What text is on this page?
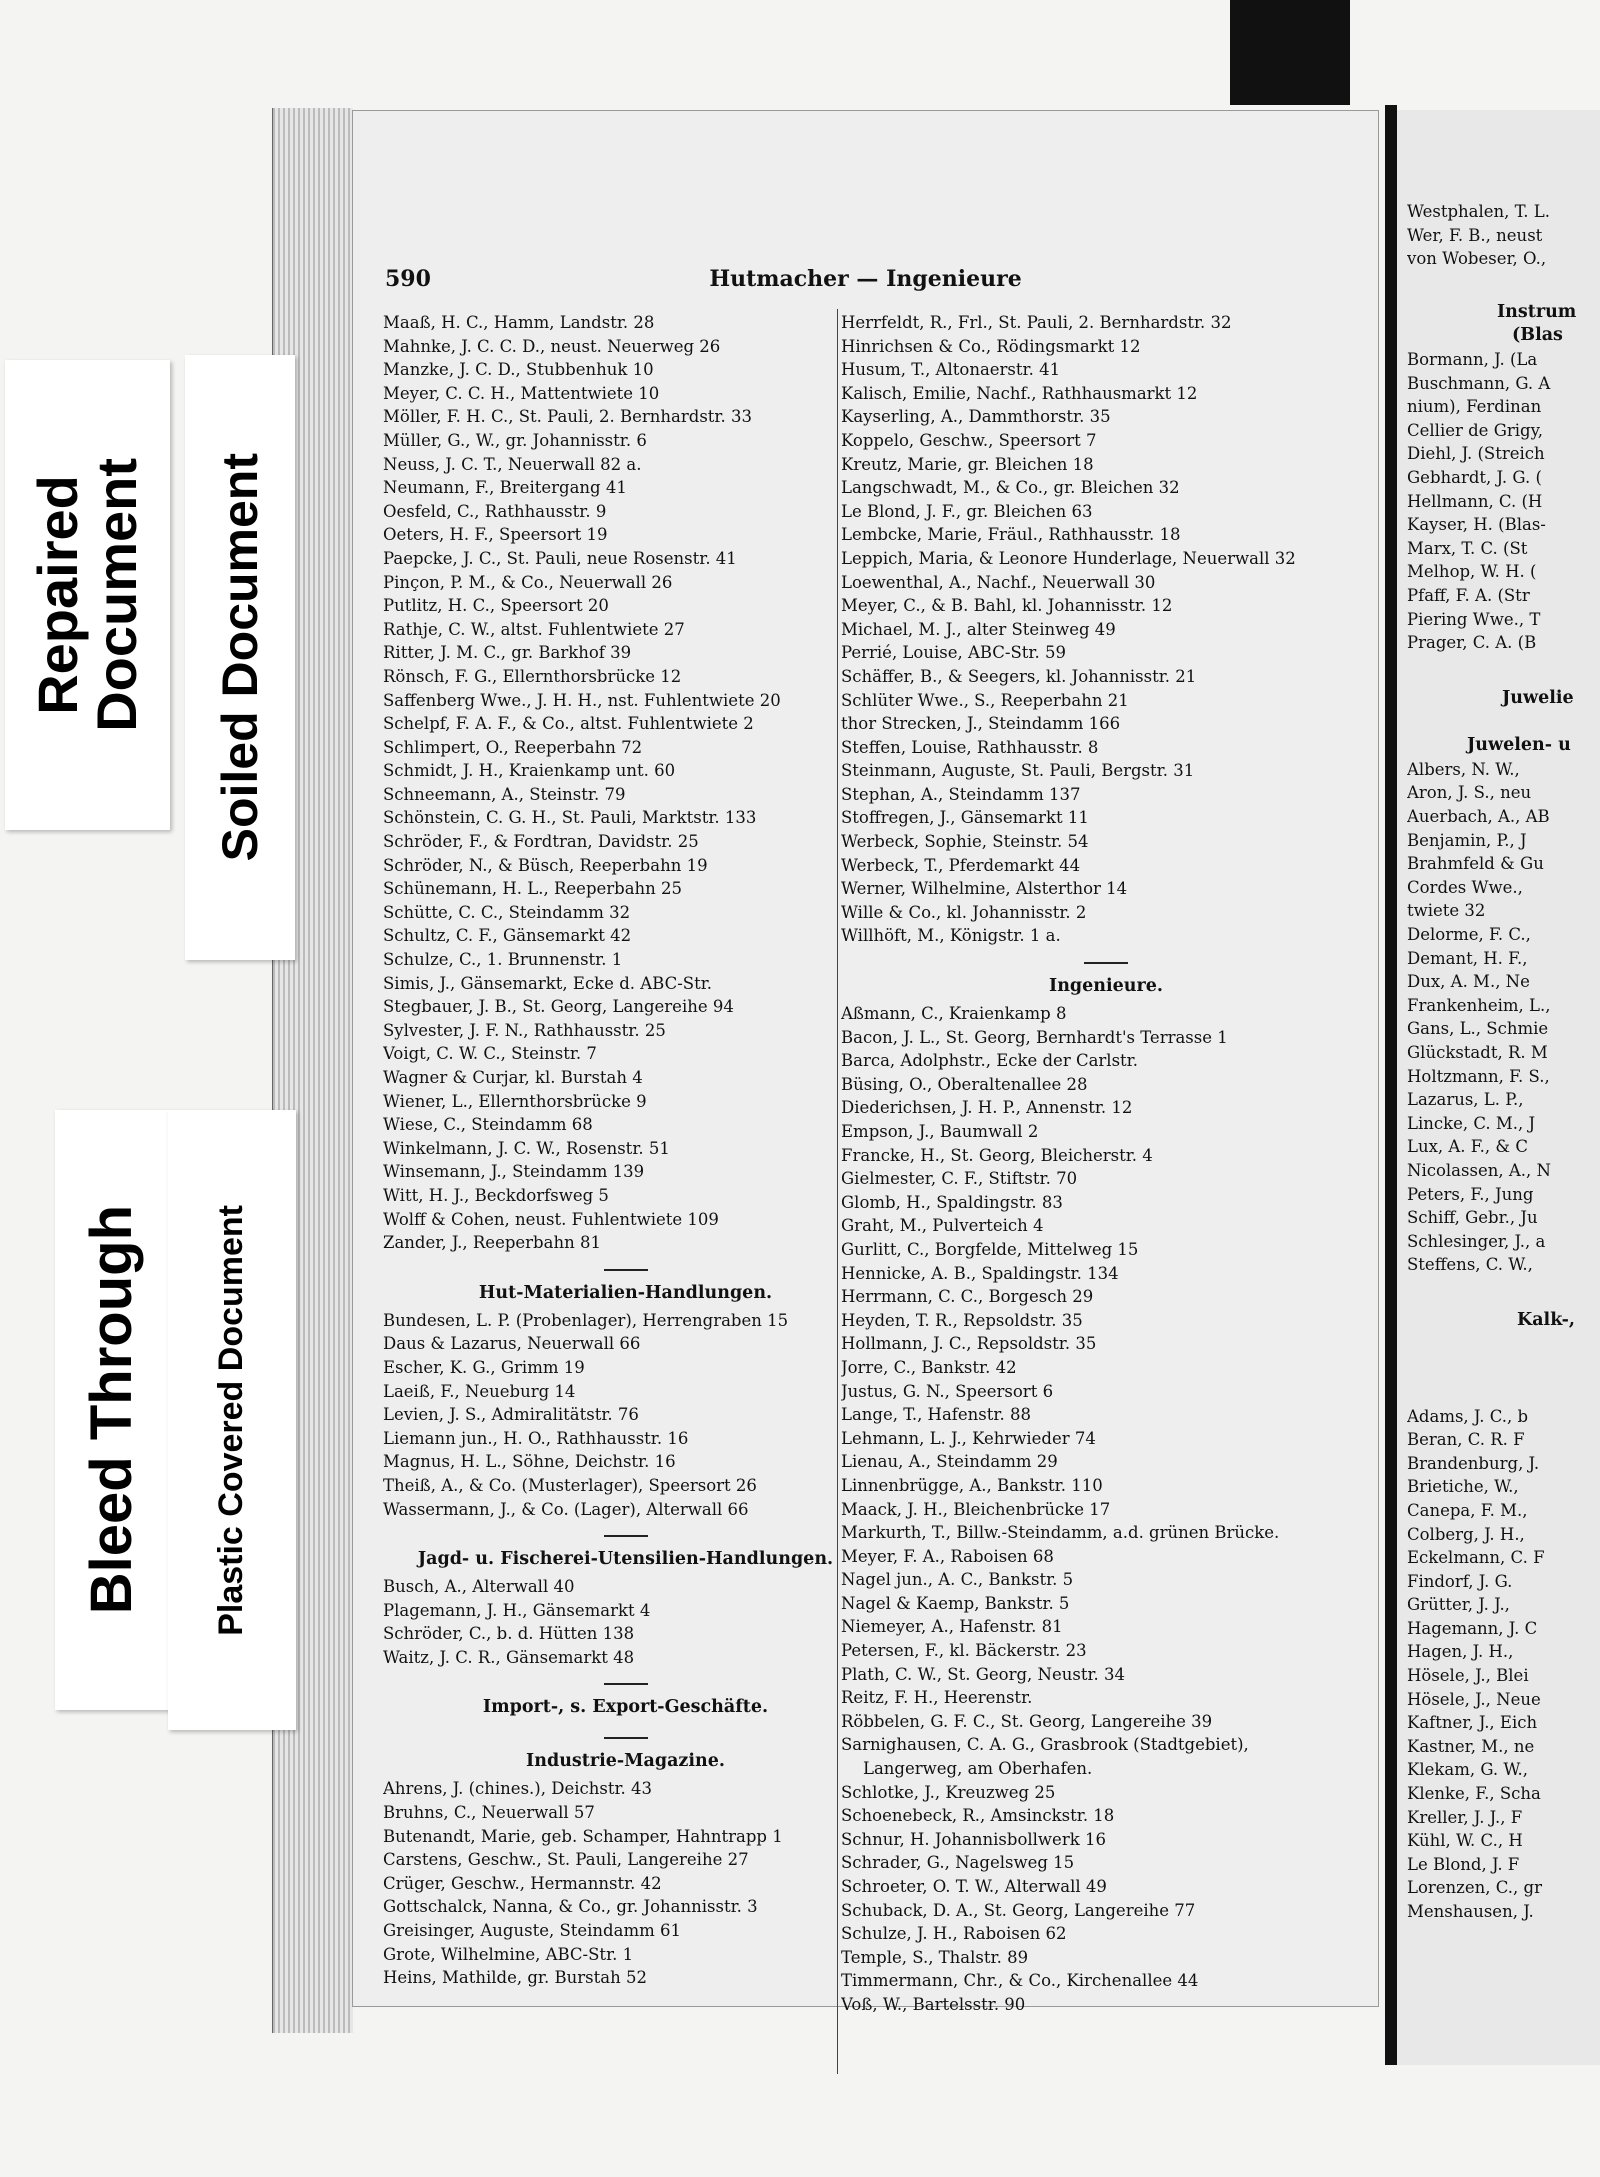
Repaired
Document Soiled Document
Bleed Through Plastic Covered Document
590	Hutmacher — Ingenieure
Maaß, H. C., Hamm, Landstr. 28
Mahnke, J. C. C. D., neust. Neuerweg 26
Manzke, J. C. D., Stubbenhuk 10
Meyer, C. C. H., Mattentwiete 10
Möller, F. H. C., St. Pauli, 2. Bernhardstr. 33
Müller, G., W., gr. Johannisstr. 6
Neuss, J. C. T., Neuerwall 82 a.
Neumann, F., Breitergang 41
Oesfeld, C., Rathhausstr. 9
Oeters, H. F., Speersort 19
Paepcke, J. C., St. Pauli, neue Rosenstr. 41
Pinçon, P. M., & Co., Neuerwall 26
Putlitz, H. C., Speersort 20
Rathje, C. W., altst. Fuhlentwiete 27
Ritter, J. M. C., gr. Barkhof 39
Rönsch, F. G., Ellernthorsbrücke 12
Saffenberg Wwe., J. H. H., nst. Fuhlentwiete 20
Schelpf, F. A. F., & Co., altst. Fuhlentwiete 2
Schlimpert, O., Reeperbahn 72
Schmidt, J. H., Kraienkamp unt. 60
Schneemann, A., Steinstr. 79
Schönstein, C. G. H., St. Pauli, Marktstr. 133
Schröder, F., & Fordtran, Davidstr. 25
Schröder, N., & Büsch, Reeperbahn 19
Schünemann, H. L., Reeperbahn 25
Schütte, C. C., Steindamm 32
Schultz, C. F., Gänsemarkt 42
Schulze, C., 1. Brunnenstr. 1
Simis, J., Gänsemarkt, Ecke d. ABC-Str.
Stegbauer, J. B., St. Georg, Langereihe 94
Sylvester, J. F. N., Rathhausstr. 25
Voigt, C. W. C., Steinstr. 7
Wagner & Curjar, kl. Burstah 4
Wiener, L., Ellernthorsbrücke 9
Wiese, C., Steindamm 68
Winkelmann, J. C. W., Rosenstr. 51
Winsemann, J., Steindamm 139
Witt, H. J., Beckdorfsweg 5
Wolff & Cohen, neust. Fuhlentwiete 109
Zander, J., Reeperbahn 81
Hut-Materialien-Handlungen.
Bundesen, L. P. (Probenlager), Herrengraben 15
Daus & Lazarus, Neuerwall 66
Escher, K. G., Grimm 19
Laeiß, F., Neueburg 14
Levien, J. S., Admiralitätstr. 76
Liemann jun., H. O., Rathhausstr. 16
Magnus, H. L., Söhne, Deichstr. 16
Theiß, A., & Co. (Musterlager), Speersort 26
Wassermann, J., & Co. (Lager), Alterwall 66
Jagd- u. Fischerei-Utensilien-Handlungen.
Busch, A., Alterwall 40
Plagemann, J. H., Gänsemarkt 4
Schröder, C., b. d. Hütten 138
Waitz, J. C. R., Gänsemarkt 48
Import-, s. Export-Geschäfte.
Industrie-Magazine.
Ahrens, J. (chines.), Deichstr. 43
Bruhns, C., Neuerwall 57
Butenandt, Marie, geb. Schamper, Hahntrapp 1
Carstens, Geschw., St. Pauli, Langereihe 27
Crüger, Geschw., Hermannstr. 42
Gottschalck, Nanna, & Co., gr. Johannisstr. 3
Greisinger, Auguste, Steindamm 61
Grote, Wilhelmine, ABC-Str. 1
Heins, Mathilde, gr. Burstah 52
Herrfeldt, R., Frl., St. Pauli, 2. Bernhardstr. 32
Hinrichsen & Co., Rödingsmarkt 12
Husum, T., Altonaerstr. 41
Kalisch, Emilie, Nachf., Rathhausmarkt 12
Kayserling, A., Dammthorstr. 35
Koppelo, Geschw., Speersort 7
Kreutz, Marie, gr. Bleichen 18
Langschwadt, M., & Co., gr. Bleichen 32
Le Blond, J. F., gr. Bleichen 63
Lembcke, Marie, Fräul., Rathhausstr. 18
Leppich, Maria, & Leonore Hunderlage, Neuerwall 32
Loewenthal, A., Nachf., Neuerwall 30
Meyer, C., & B. Bahl, kl. Johannisstr. 12
Michael, M. J., alter Steinweg 49
Perrié, Louise, ABC-Str. 59
Schäffer, B., & Seegers, kl. Johannisstr. 21
Schlüter Wwe., S., Reeperbahn 21
thor Strecken, J., Steindamm 166
Steffen, Louise, Rathhausstr. 8
Steinmann, Auguste, St. Pauli, Bergstr. 31
Stephan, A., Steindamm 137
Stoffregen, J., Gänsemarkt 11
Werbeck, Sophie, Steinstr. 54
Werbeck, T., Pferdemarkt 44
Werner, Wilhelmine, Alsterthor 14
Wille & Co., kl. Johannisstr. 2
Willhöft, M., Königstr. 1 a.
Ingenieure.
Aßmann, C., Kraienkamp 8
Bacon, J. L., St. Georg, Bernhardt's Terrasse 1
Barca, Adolphstr., Ecke der Carlstr.
Büsing, O., Oberaltenallee 28
Diederichsen, J. H. P., Annenstr. 12
Empson, J., Baumwall 2
Francke, H., St. Georg, Bleicherstr. 4
Gielmester, C. F., Stiftstr. 70
Glomb, H., Spaldingstr. 83
Graht, M., Pulverteich 4
Gurlitt, C., Borgfelde, Mittelweg 15
Hennicke, A. B., Spaldingstr. 134
Herrmann, C. C., Borgesch 29
Heyden, T. R., Repsoldstr. 35
Hollmann, J. C., Repsoldstr. 35
Jorre, C., Bankstr. 42
Justus, G. N., Speersort 6
Lange, T., Hafenstr. 88
Lehmann, L. J., Kehrwieder 74
Lienau, A., Steindamm 29
Linnenbrügge, A., Bankstr. 110
Maack, J. H., Bleichenbrücke 17
Markurth, T., Billw.-Steindamm, a.d. grünen Brücke.
Meyer, F. A., Raboisen 68
Nagel jun., A. C., Bankstr. 5
Nagel & Kaemp, Bankstr. 5
Niemeyer, A., Hafenstr. 81
Petersen, F., kl. Bäckerstr. 23
Plath, C. W., St. Georg, Neustr. 34
Reitz, F. H., Heerenstr.
Röbbelen, G. F. C., St. Georg, Langereihe 39
Sarnighausen, C. A. G., Grasbrook (Stadtgebiet),
Langerweg, am Oberhafen.
Schlotke, J., Kreuzweg 25
Schoenebeck, R., Amsinckstr. 18
Schnur, H. Johannisbollwerk 16
Schrader, G., Nagelsweg 15
Schroeter, O. T. W., Alterwall 49
Schuback, D. A., St. Georg, Langereihe 77
Schulze, J. H., Raboisen 62
Temple, S., Thalstr. 89
Timmermann, Chr., & Co., Kirchenallee 44
Voß, W., Bartelsstr. 90
Westphalen, T. L.
Wer, F. B., neust
von Wobeser, O.,
Instrum
(Blas
Bormann, J. (La
Buschmann, G. A
nium), Ferdinan
Cellier de Grigy,
Diehl, J. (Streich
Gebhardt, J. G. (
Hellmann, C. (H
Kayser, H. (Blas-
Marx, T. C. (St
Melhop, W. H. (
Pfaff, F. A. (Str
Piering Wwe., T
Prager, C. A. (B
Juwelie
Juwelen- u
Albers, N. W.,
Aron, J. S., neu
Auerbach, A., AB
Benjamin, P., J
Brahmfeld & Gu
Cordes Wwe.,
twiete 32
Delorme, F. C.,
Demant, H. F.,
Dux, A. M., Ne
Frankenheim, L.,
Gans, L., Schmie
Glückstadt, R. M
Holtzmann, F. S.,
Lazarus, L. P.,
Lincke, C. M., J
Lux, A. F., & C
Nicolassen, A., N
Peters, F., Jung
Schiff, Gebr., Ju
Schlesinger, J., a
Steffens, C. W.,
Kalk-,
Adams, J. C., b
Beran, C. R. F
Brandenburg, J.
Brietiche, W.,
Canepa, F. M.,
Colberg, J. H.,
Eckelmann, C. F
Findorf, J. G.
Grütter, J. J.,
Hagemann, J. C
Hagen, J. H.,
Hösele, J., Blei
Hösele, J., Neue
Kaftner, J., Eich
Kastner, M., ne
Klekam, G. W.,
Klenke, F., Scha
Kreller, J. J., F
Kühl, W. C., H
Le Blond, J. F
Lorenzen, C., gr
Menshausen, J.
